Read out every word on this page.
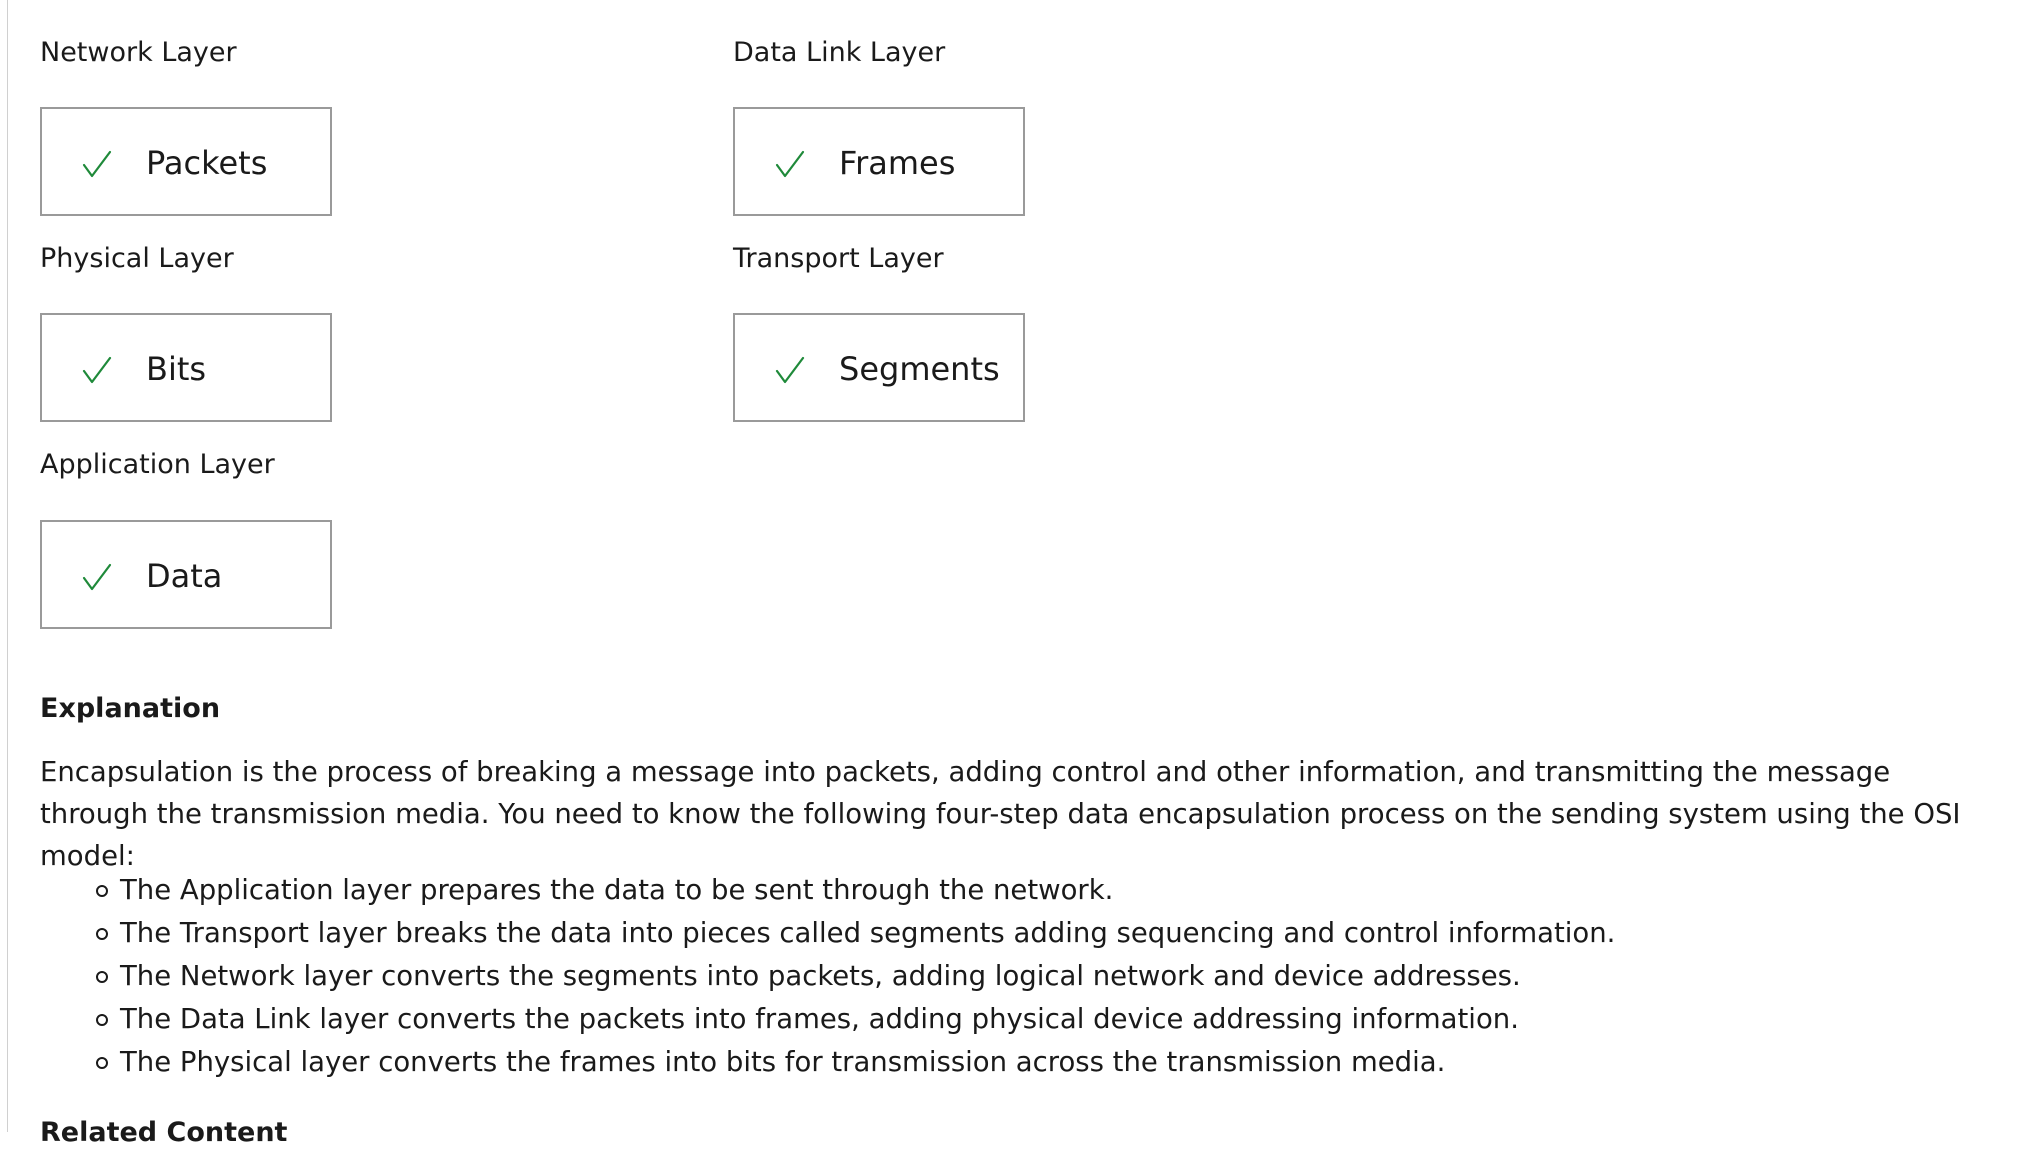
Network Layer
Packets
Data Link Layer
Frames
Physical Layer
Bits
Transport Layer
Segments
Application Layer
Data
Explanation

Encapsulation is the process of breaking a message into packets, adding control and other information, and transmitting the message through the transmission media. You need to know the following four-step data encapsulation process on the sending system using the OSI model:

The Application layer prepares the data to be sent through the network.
The Transport layer breaks the data into pieces called segments adding sequencing and control information.
The Network layer converts the segments into packets, adding logical network and device addresses.
The Data Link layer converts the packets into frames, adding physical device addressing information.
The Physical layer converts the frames into bits for transmission across the transmission media.
Related Content
